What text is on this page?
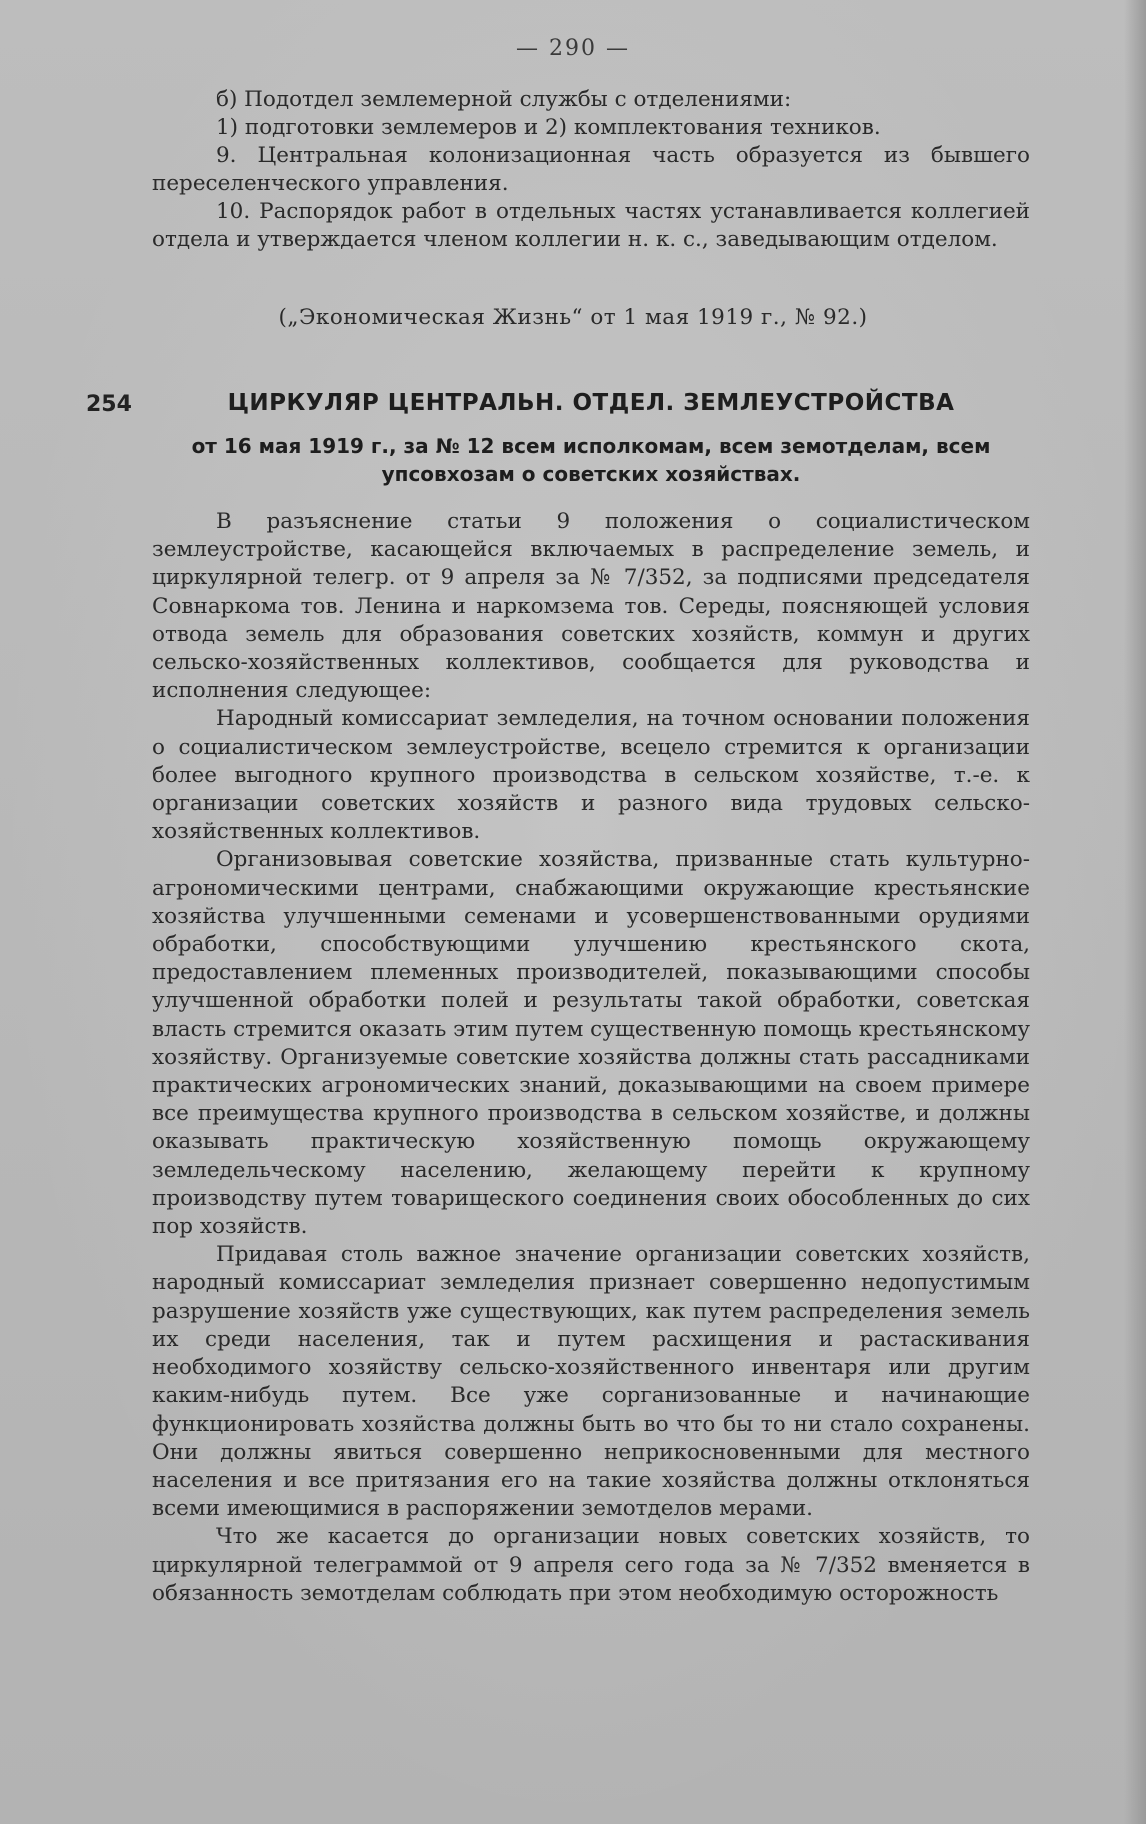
— 290 —

б) Подотдел землемерной службы с отделениями:

1) подготовки землемеров и 2) комплектования техников.

9. Центральная колонизационная часть образуется из бывшего переселенческого управления.

10. Распорядок работ в отдельных частях устанавливается коллегией отдела и утверждается членом коллегии н. к. с., заведывающим отделом.

(„Экономическая Жизнь“ от 1 мая 1919 г., № 92.)
254	ЦИРКУЛЯР ЦЕНТРАЛЬН. ОТДЕЛ. ЗЕМЛЕУСТРОЙСТВА

от 16 мая 1919 г., за № 12 всем исполкомам, всем земотделам, всем упсовхозам о советских хозяйствах.

В разъяснение статьи 9 положения о социалистическом землеустройстве, касающейся включаемых в распределение земель, и циркулярной телегр. от 9 апреля за № 7/352, за подписями председателя Совнаркома тов. Ленина и наркомзема тов. Середы, поясняющей условия отвода земель для образования советских хозяйств, коммун и других сельско-хозяйственных коллективов, сообщается для руководства и исполнения следующее:

Народный комиссариат земледелия, на точном основании положения о социалистическом землеустройстве, всецело стремится к организации более выгодного крупного производства в сельском хозяйстве, т.-е. к организации советских хозяйств и разного вида трудовых сельско-хозяйственных коллективов.

Организовывая советские хозяйства, призванные стать культурно-агрономическими центрами, снабжающими окружающие крестьянские хозяйства улучшенными семенами и усовершенствованными орудиями обработки, способствующими улучшению крестьянского скота, предоставлением племенных производителей, показывающими способы улучшенной обработки полей и результаты такой обработки, советская власть стремится оказать этим путем существенную помощь крестьянскому хозяйству. Организуемые советские хозяйства должны стать рассадниками практических агрономических знаний, доказывающими на своем примере все преимущества крупного производства в сельском хозяйстве, и должны оказывать практическую хозяйственную помощь окружающему земледельческому населению, желающему перейти к крупному производству путем товарищеского соединения своих обособленных до сих пор хозяйств.

Придавая столь важное значение организации советских хозяйств, народный комиссариат земледелия признает совершенно недопустимым разрушение хозяйств уже существующих, как путем распределения земель их среди населения, так и путем расхищения и растаскивания необходимого хозяйству сельско-хозяйственного инвентаря или другим каким-нибудь путем. Все уже сорганизованные и начинающие функционировать хозяйства должны быть во что бы то ни стало сохранены. Они должны явиться совершенно неприкосновенными для местного населения и все притязания его на такие хозяйства должны отклоняться всеми имеющимися в распоряжении земотделов мерами.

Что же касается до организации новых советских хозяйств, то циркулярной телеграммой от 9 апреля сего года за № 7/352 вменяется в обязанность земотделам соблюдать при этом необходимую осторожность
